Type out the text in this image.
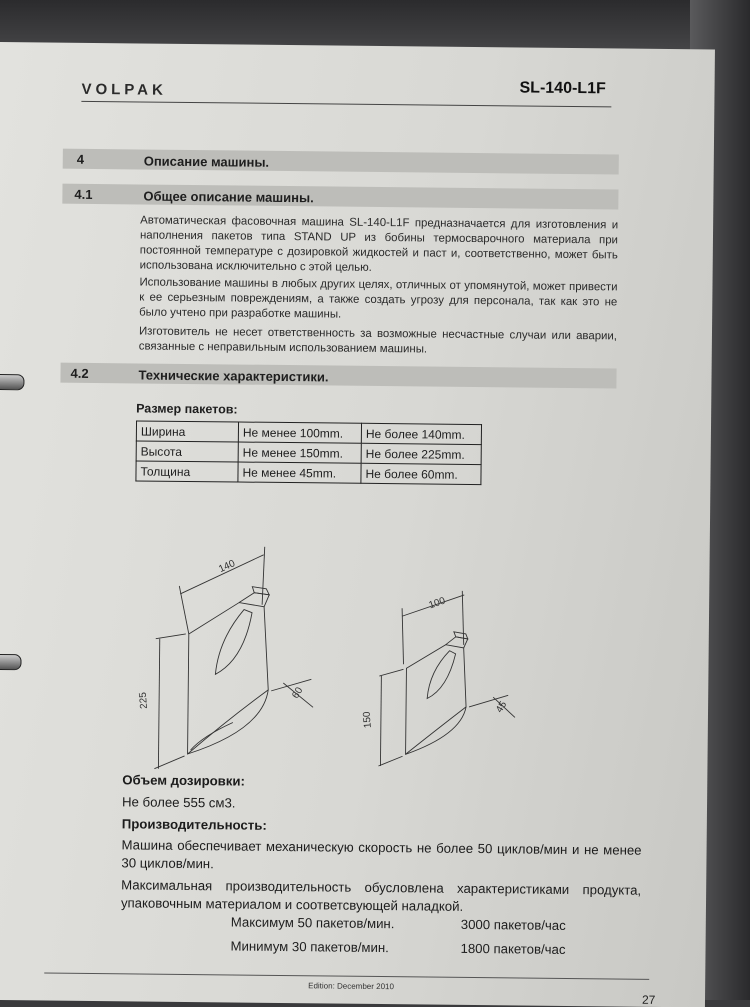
VOLPAK	SL-140-L1F
4	Описание машины.
4.1	Общее описание машины.
Автоматическая фасовочная машина SL-140-L1F предназначается для изготовления и наполнения пакетов типа STAND UP из бобины термосварочного материала при постоянной температуре с дозировкой жидкостей и паст и, соответственно, может быть использована исключительно с этой целью.
Использование машины в любых других целях, отличных от упомянутой, может привести к ее серьезным повреждениям, а также создать угрозу для персонала, так как это не было учтено при разработке машины.
Изготовитель не несет ответственность за возможные несчастные случаи или аварии, связанные с неправильным использованием машины.
4.2	Технические характеристики.
Размер пакетов:
Ширина	Не менее 100mm.	Не более 140mm.
Высота	Не менее 150mm.	Не более 225mm.
Толщина	Не менее 45mm.	Не более 60mm.
140
225	60
100
150
45
Объем дозировки:
Не более 555 см3.
Производительность:
Машина обеспечивает механическую скорость не более 50 циклов/мин и не менее 30 циклов/мин.
Максимальная производительность обусловлена характеристиками продукта, упаковочным материалом и соответсвующей наладкой.
Максимум 50 пакетов/мин.	3000 пакетов/час
Минимум 30 пакетов/мин.	1800 пакетов/час
Edition: December 2010
27
